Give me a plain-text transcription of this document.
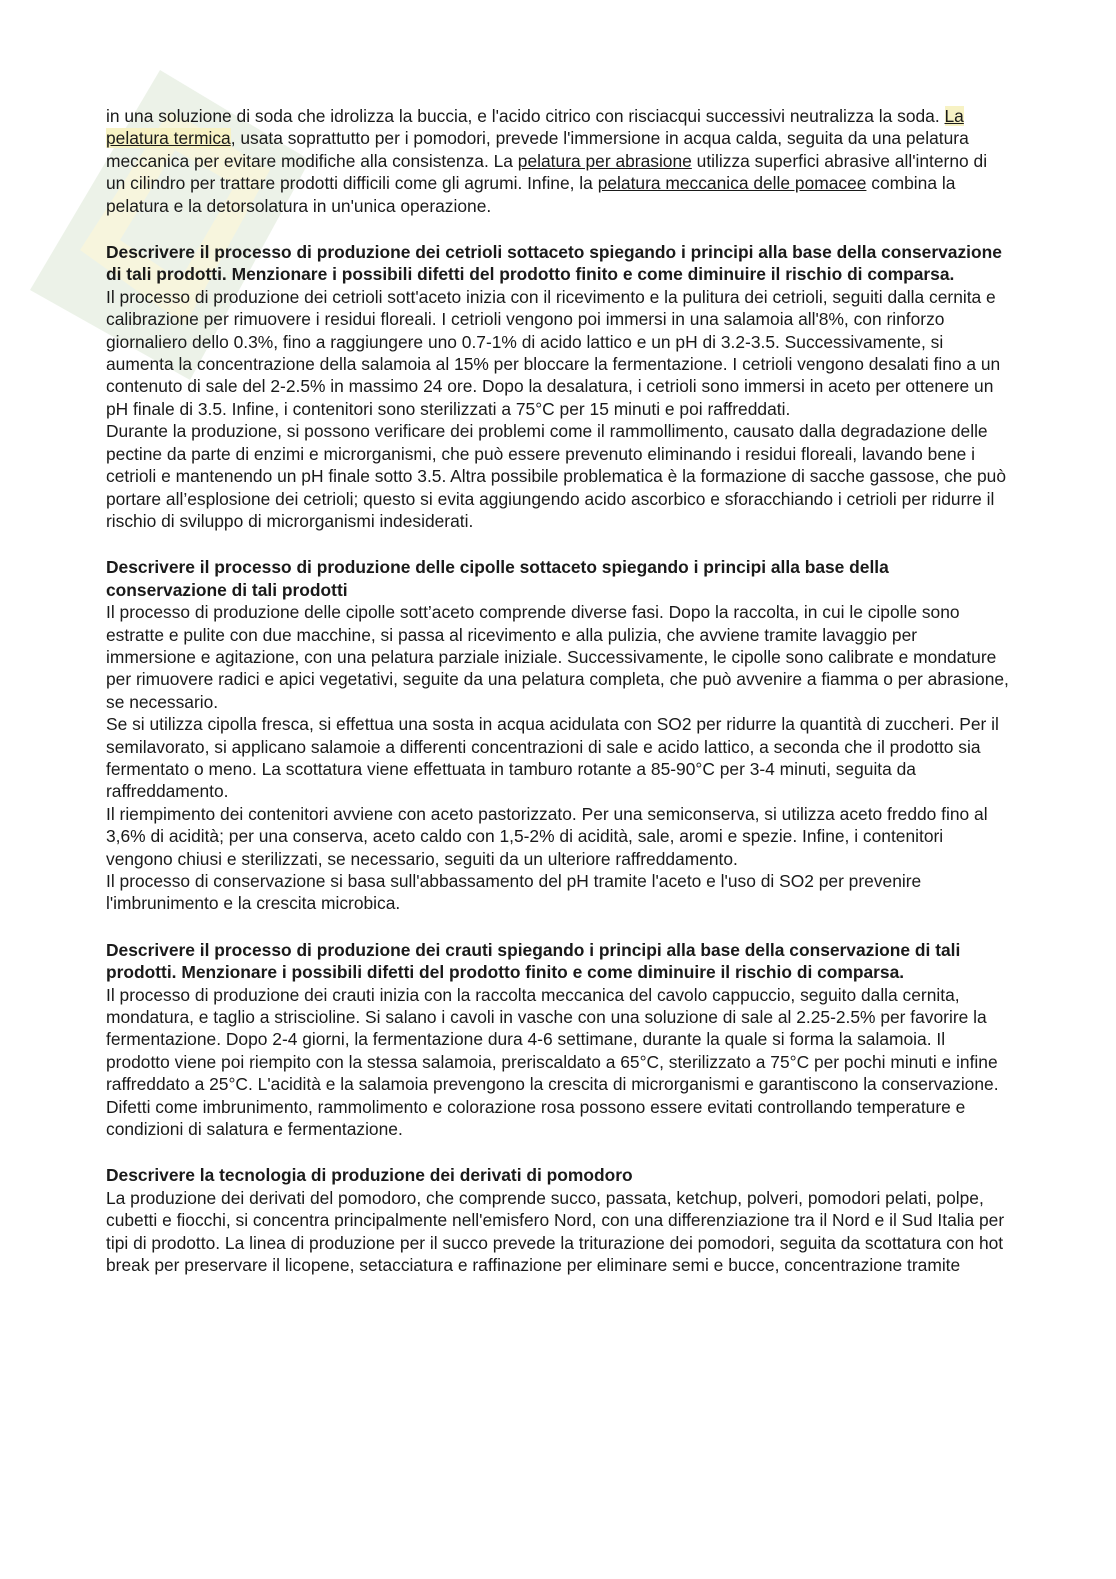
in una soluzione di soda che idrolizza la buccia, e l'acido citrico con risciacqui successivi neutralizza la soda. La pelatura termica, usata soprattutto per i pomodori, prevede l'immersione in acqua calda, seguita da una pelatura meccanica per evitare modifiche alla consistenza. La pelatura per abrasione utilizza superfici abrasive all'interno di un cilindro per trattare prodotti difficili come gli agrumi. Infine, la pelatura meccanica delle pomacee combina la pelatura e la detorsolatura in un'unica operazione.

Descrivere il processo di produzione dei cetrioli sottaceto spiegando i principi alla base della conservazione di tali prodotti. Menzionare i possibili difetti del prodotto finito e come diminuire il rischio di comparsa.

Il processo di produzione dei cetrioli sott'aceto inizia con il ricevimento e la pulitura dei cetrioli, seguiti dalla cernita e calibrazione per rimuovere i residui floreali. I cetrioli vengono poi immersi in una salamoia all'8%, con rinforzo giornaliero dello 0.3%, fino a raggiungere uno 0.7-1% di acido lattico e un pH di 3.2-3.5. Successivamente, si aumenta la concentrazione della salamoia al 15% per bloccare la fermentazione. I cetrioli vengono desalati fino a un contenuto di sale del 2-2.5% in massimo 24 ore. Dopo la desalatura, i cetrioli sono immersi in aceto per ottenere un pH finale di 3.5. Infine, i contenitori sono sterilizzati a 75°C per 15 minuti e poi raffreddati.

Durante la produzione, si possono verificare dei problemi come il rammollimento, causato dalla degradazione delle pectine da parte di enzimi e microrganismi, che può essere prevenuto eliminando i residui floreali, lavando bene i cetrioli e mantenendo un pH finale sotto 3.5. Altra possibile problematica è la formazione di sacche gassose, che può portare all’esplosione dei cetrioli; questo si evita aggiungendo acido ascorbico e sforacchiando i cetrioli per ridurre il rischio di sviluppo di microrganismi indesiderati.

Descrivere il processo di produzione delle cipolle sottaceto spiegando i principi alla base della conservazione di tali prodotti

Il processo di produzione delle cipolle sott’aceto comprende diverse fasi. Dopo la raccolta, in cui le cipolle sono estratte e pulite con due macchine, si passa al ricevimento e alla pulizia, che avviene tramite lavaggio per immersione e agitazione, con una pelatura parziale iniziale. Successivamente, le cipolle sono calibrate e mondature per rimuovere radici e apici vegetativi, seguite da una pelatura completa, che può avvenire a fiamma o per abrasione, se necessario.

Se si utilizza cipolla fresca, si effettua una sosta in acqua acidulata con SO2 per ridurre la quantità di zuccheri. Per il semilavorato, si applicano salamoie a differenti concentrazioni di sale e acido lattico, a seconda che il prodotto sia fermentato o meno. La scottatura viene effettuata in tamburo rotante a 85-90°C per 3-4 minuti, seguita da raffreddamento.

Il riempimento dei contenitori avviene con aceto pastorizzato. Per una semiconserva, si utilizza aceto freddo fino al 3,6% di acidità; per una conserva, aceto caldo con 1,5-2% di acidità, sale, aromi e spezie. Infine, i contenitori vengono chiusi e sterilizzati, se necessario, seguiti da un ulteriore raffreddamento.

Il processo di conservazione si basa sull'abbassamento del pH tramite l'aceto e l'uso di SO2 per prevenire l'imbrunimento e la crescita microbica.

Descrivere il processo di produzione dei crauti spiegando i principi alla base della conservazione di tali prodotti. Menzionare i possibili difetti del prodotto finito e come diminuire il rischio di comparsa.

Il processo di produzione dei crauti inizia con la raccolta meccanica del cavolo cappuccio, seguito dalla cernita, mondatura, e taglio a striscioline. Si salano i cavoli in vasche con una soluzione di sale al 2.25-2.5% per favorire la fermentazione. Dopo 2-4 giorni, la fermentazione dura 4-6 settimane, durante la quale si forma la salamoia. Il prodotto viene poi riempito con la stessa salamoia, preriscaldato a 65°C, sterilizzato a 75°C per pochi minuti e infine raffreddato a 25°C. L'acidità e la salamoia prevengono la crescita di microrganismi e garantiscono la conservazione. Difetti come imbrunimento, rammolimento e colorazione rosa possono essere evitati controllando temperature e condizioni di salatura e fermentazione.

Descrivere la tecnologia di produzione dei derivati di pomodoro

La produzione dei derivati del pomodoro, che comprende succo, passata, ketchup, polveri, pomodori pelati, polpe, cubetti e fiocchi, si concentra principalmente nell'emisfero Nord, con una differenziazione tra il Nord e il Sud Italia per tipi di prodotto. La linea di produzione per il succo prevede la triturazione dei pomodori, seguita da scottatura con hot break per preservare il licopene, setacciatura e raffinazione per eliminare semi e bucce, concentrazione tramite
